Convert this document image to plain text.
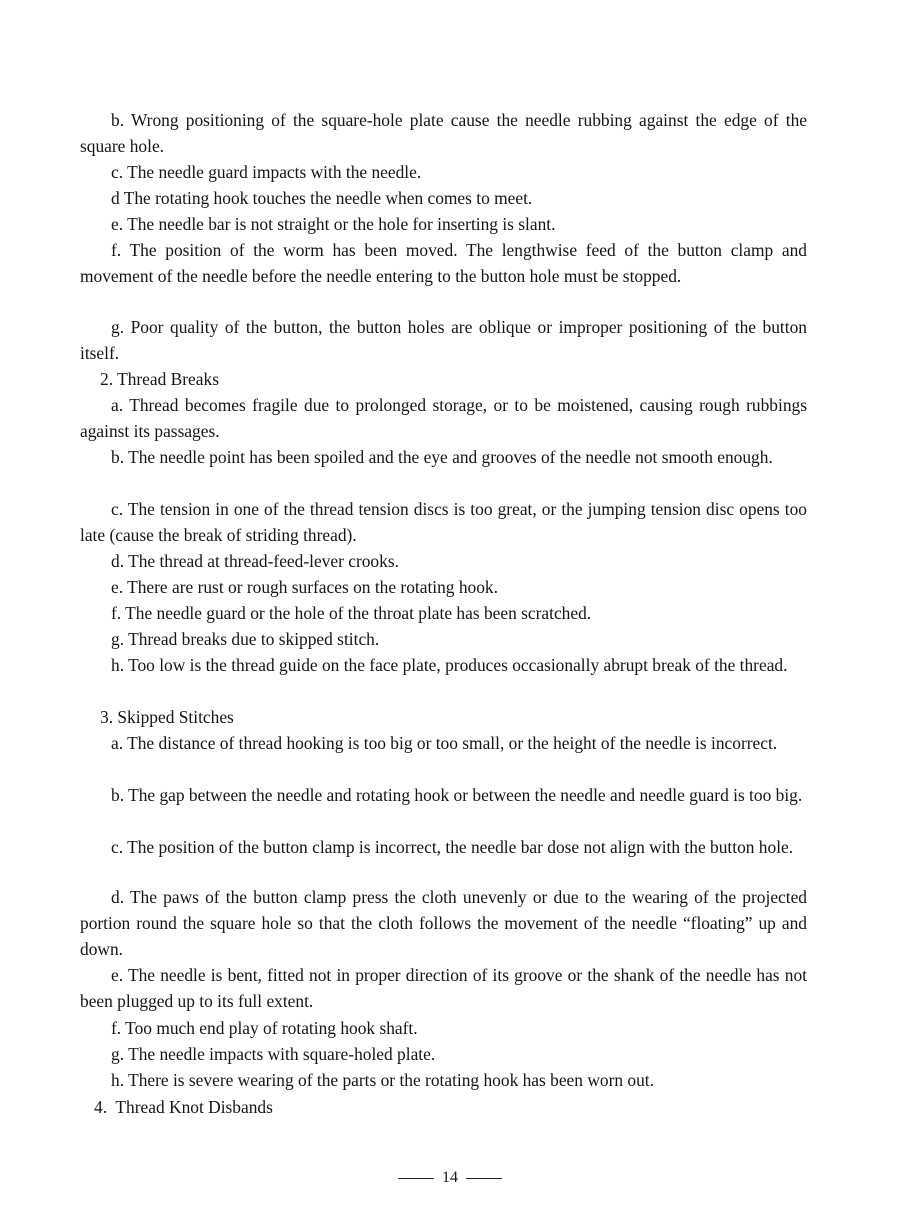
b. Wrong positioning of the square-hole plate cause the needle rubbing against the edge of the square hole.

c. The needle guard impacts with the needle.

d The rotating hook touches the needle when comes to meet.

e. The needle bar is not straight or the hole for inserting is slant.

f. The position of the worm has been moved. The lengthwise feed of the button clamp and movement of the needle before the needle entering to the button hole must be stopped.

g. Poor quality of the button, the button holes are oblique or improper positioning of the button itself.

2. Thread Breaks

a. Thread becomes fragile due to prolonged storage, or to be moistened, causing rough rubbings against its passages.

b. The needle point has been spoiled and the eye and grooves of the needle not smooth enough.

c. The tension in one of the thread tension discs is too great, or the jumping tension disc opens too late (cause the break of striding thread).

d. The thread at thread-feed-lever crooks.

e. There are rust or rough surfaces on the rotating hook.

f. The needle guard or the hole of the throat plate has been scratched.

g. Thread breaks due to skipped stitch.

h. Too low is the thread guide on the face plate, produces occasionally abrupt break of the thread.

3. Skipped Stitches

a. The distance of thread hooking is too big or too small, or the height of the needle is incorrect.

b. The gap between the needle and rotating hook or between the needle and needle guard is too big.

c. The position of the button clamp is incorrect, the needle bar dose not align with the button hole.

d. The paws of the button clamp press the cloth unevenly or due to the wearing of the projected portion round the square hole so that the cloth follows the movement of the needle “floating” up and down.

e. The needle is bent, fitted not in proper direction of its groove or the shank of the needle has not been plugged up to its full extent.

f. Too much end play of rotating hook shaft.

g. The needle impacts with square-holed plate.

h. There is severe wearing of the parts or the rotating hook has been worn out.

4.  Thread Knot Disbands

14
